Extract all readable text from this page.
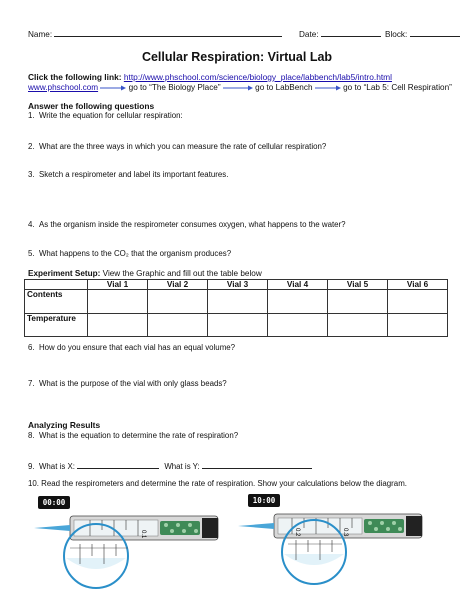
Name:	Date:	Block:
Cellular Respiration: Virtual Lab
Click the following link: http://www.phschool.com/science/biology_place/labbench/lab5/intro.html
www.phschool.com	go to “The Biology Place”	go to LabBench	go to “Lab 5: Cell Respiration”
Answer the following questions
1.  Write the equation for cellular respiration:
2.  What are the three ways in which you can measure the rate of cellular respiration?
3.  Sketch a respirometer and label its important features.
4.  As the organism inside the respirometer consumes oxygen, what happens to the water?
5.  What happens to the CO₂ that the organism produces?
Experiment Setup: View the Graphic and fill out the table below
	Vial 1	Vial 2	Vial 3	Vial 4	Vial 5	Vial 6
Contents						
Temperature						
6.  How do you ensure that each vial has an equal volume?
7.  What is the purpose of the vial with only glass beads?
Analyzing Results
8.  What is the equation to determine the rate of respiration?
9.  What is X:	What is Y:
10. Read the respirometers and determine the rate of respiration. Show your calculations below the diagram.
00:00
0.1
10:00
0.2	0.3
